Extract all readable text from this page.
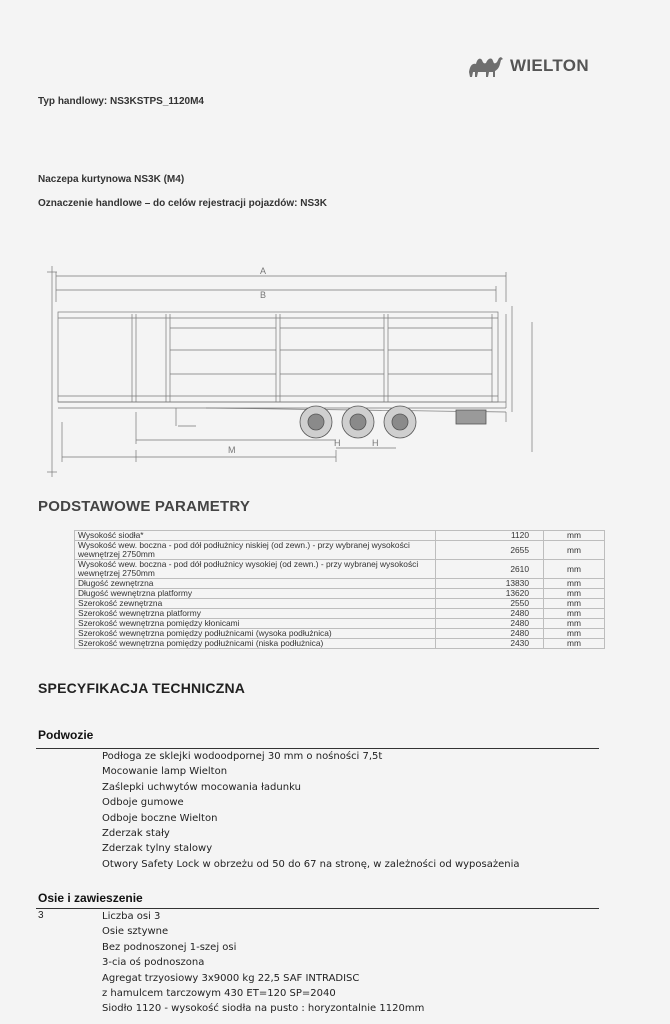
WIELTON
Typ handlowy: NS3KSTPS_1120M4
Naczepa kurtynowa NS3K (M4)
Oznaczenie handlowe – do celów rejestracji pojazdów: NS3K
A
B
M
H	H
PODSTAWOWE PARAMETRY
Wysokość siodła*	1120	mm
Wysokość wew. boczna - pod dół podłużnicy niskiej (od zewn.) - przy wybranej wysokości wewnętrzej 2750mm	2655	mm
Wysokość wew. boczna - pod dół podłużnicy wysokiej (od zewn.) - przy wybranej wysokości wewnętrzej 2750mm	2610	mm
Długość zewnętrzna	13830	mm
Długość wewnętrzna platformy	13620	mm
Szerokość zewnętrzna	2550	mm
Szerokość wewnętrzna platformy	2480	mm
Szerokość wewnętrzna pomiędzy kłonicami	2480	mm
Szerokość wewnętrzna pomiędzy podłużnicami (wysoka podłużnica)	2480	mm
Szerokość wewnętrzna pomiędzy podłużnicami (niska podłużnica)	2430	mm
SPECYFIKACJA TECHNICZNA
Podwozie
Podłoga ze sklejki wodoodpornej 30 mm o nośności 7,5t
Mocowanie lamp Wielton
Zaślepki uchwytów mocowania ładunku
Odboje gumowe
Odboje boczne Wielton
Zderzak stały
Zderzak tylny stalowy
Otwory Safety Lock w obrzeżu od 50 do 67 na stronę, w zależności od wyposażenia
Osie i zawieszenie
3	Liczba osi 3
Osie sztywne
Bez podnoszonej 1-szej osi
3-cia oś podnoszona
Agregat trzyosiowy 3x9000 kg 22,5 SAF INTRADISC
z hamulcem tarczowym 430 ET=120 SP=2040
Siodło 1120 - wysokość siodła na pusto : horyzontalnie 1120mm
